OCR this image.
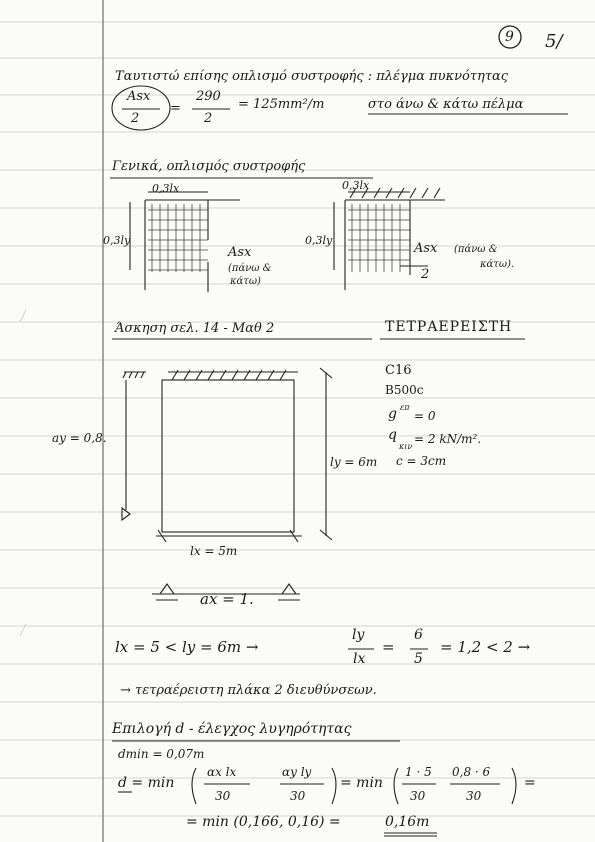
9 5/
Ταυτιστώ επίσης οπλισμό συστροφής : πλέγμα πυκνότητας
Asx
2
=
290
2
= 125mm²/m	στο άνω & κάτω πέλμα
Γενικά, οπλισμός συστροφής
0,3lx
0,3ly
Asx
(πάνω &
κάτω)
0,3lx
0,3ly
Asx
2
(πάνω &
κάτω).
Άσκηση σελ. 14 - Μαθ 2	ΤΕΤΡΑΕΡΕΙΣΤΗ
ay = 0,8.
ly = 6m
lx = 5m
ax = 1.
C16
B500c
g επ
= 0
q
κιν
= 2 kN/m².
c = 3cm
lx = 5 < ly = 6m →
ly
lx
=
6
5
= 1,2 < 2 →
→ τετραέρειστη πλάκα 2 διευθύνσεων.
Επιλογή d - έλεγχος λυγηρότητας
dmin = 0,07m
d = min
αx lx
30
αy ly
30
= min
1 · 5
30
0,8 · 6
30
=
= min (0,166, 0,16) =	0,16m
